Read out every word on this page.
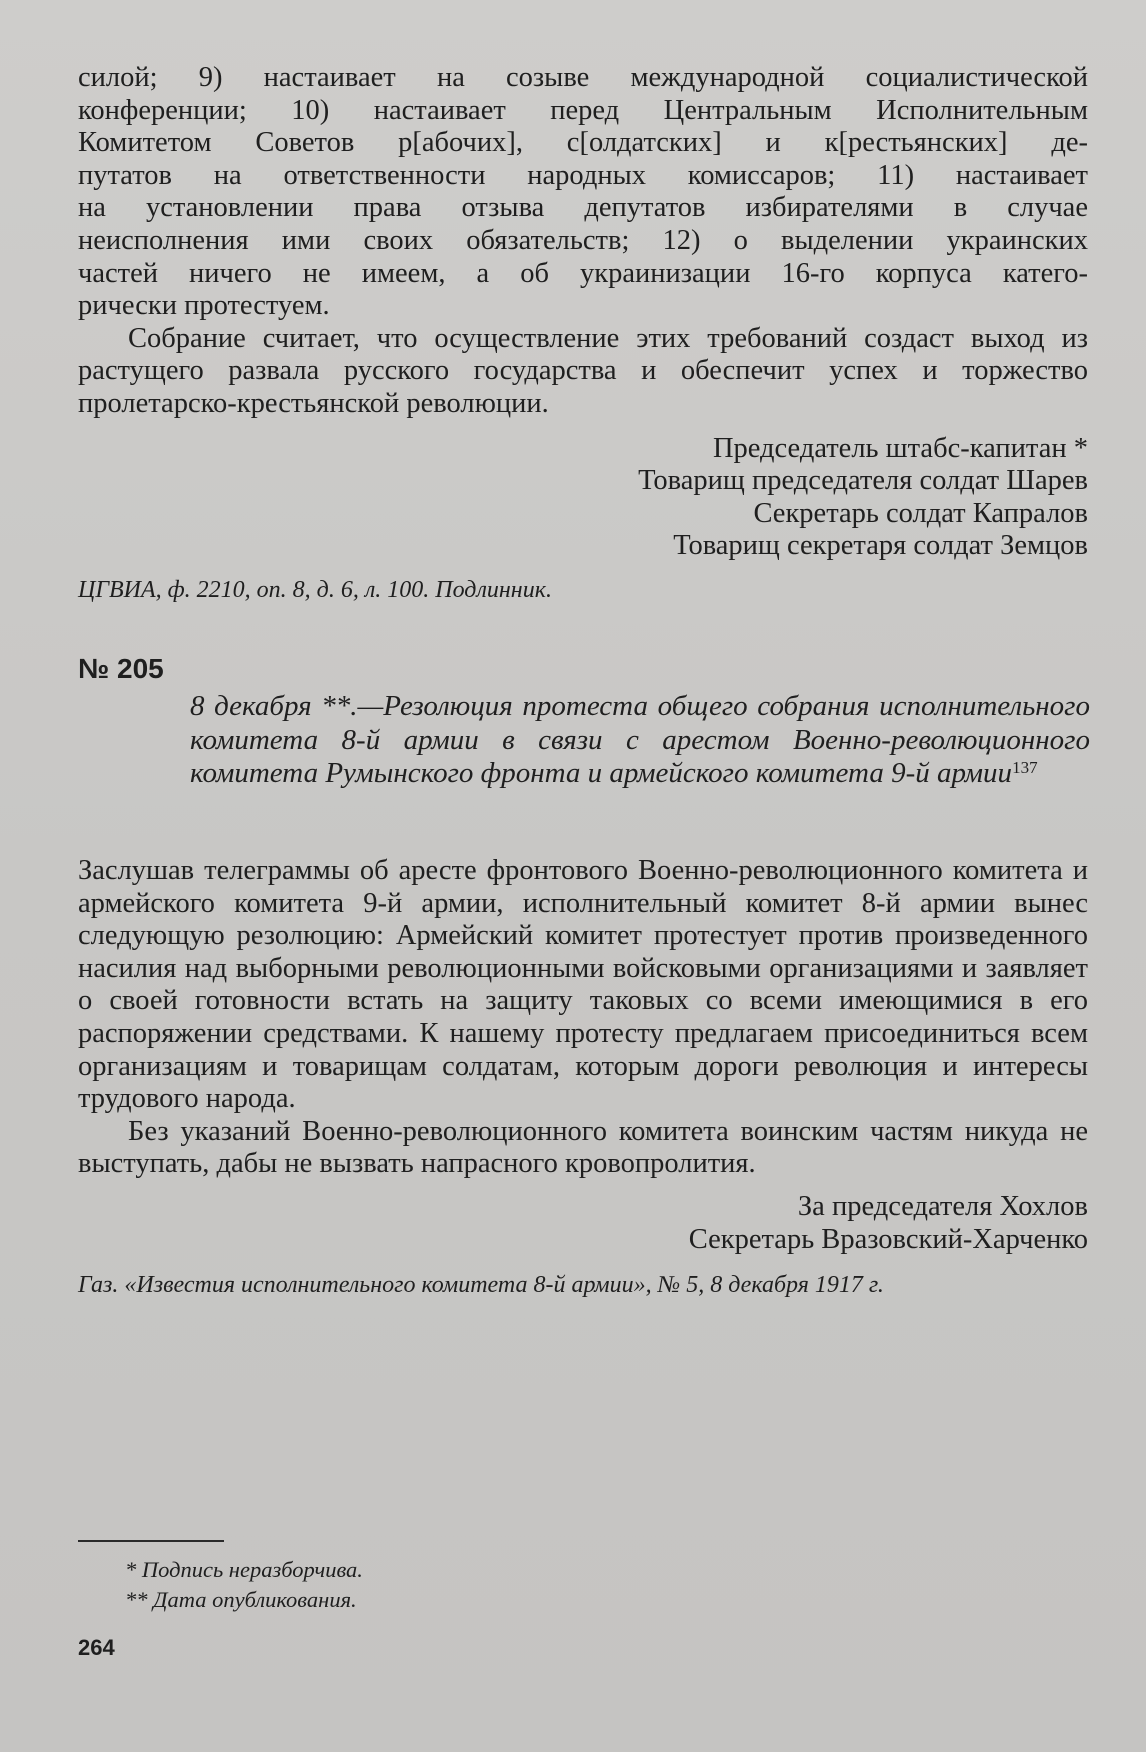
силой; 9) настаивает на созыве международной социалистической
конференции; 10) настаивает перед Центральным Исполнительным
Комитетом Советов р[абочих], с[олдатских] и к[рестьянских] де-
путатов на ответственности народных комиссаров; 11) настаивает
на установлении права отзыва депутатов избирателями в случае
неисполнения ими своих обязательств; 12) о выделении украинских
частей ничего не имеем, а об украинизации 16-го корпуса катего-
рически протестуем.

Собрание считает, что осуществление этих требований создаст выход из растущего развала русского государства и обеспечит успех и торжество пролетарско-крестьянской революции.

Председатель штабс-капитан *

Товарищ председателя солдат Шарев

Секретарь солдат Капралов

Товарищ секретаря солдат Земцов

ЦГВИА, ф. 2210, оп. 8, д. 6, л. 100. Подлинник.

№ 205

8 декабря **.—Резолюция протеста общего собрания исполнительного комитета 8-й армии в связи с арестом Военно-революционного комитета Румынского фронта и армейского комитета 9-й армии$^{137}$

Заслушав телеграммы об аресте фронтового Военно-революционного комитета и армейского комитета 9-й армии, исполнительный комитет 8-й армии вынес следующую резолюцию: Армейский комитет протестует против произведенного насилия над выборными революционными войсковыми организациями и заявляет о своей готовности встать на защиту таковых со всеми имеющимися в его распоряжении средствами. К нашему протесту предлагаем присоединиться всем организациям и товарищам солдатам, которым дороги революция и интересы трудового народа.

Без указаний Военно-революционного комитета воинским частям никуда не выступать, дабы не вызвать напрасного кровопролития.

За председателя Хохлов

Секретарь Вразовский-Харченко

Газ. «Известия исполнительного комитета 8-й армии», № 5, 8 декабря 1917 г.

* Подпись неразборчива.

** Дата опубликования.

264
